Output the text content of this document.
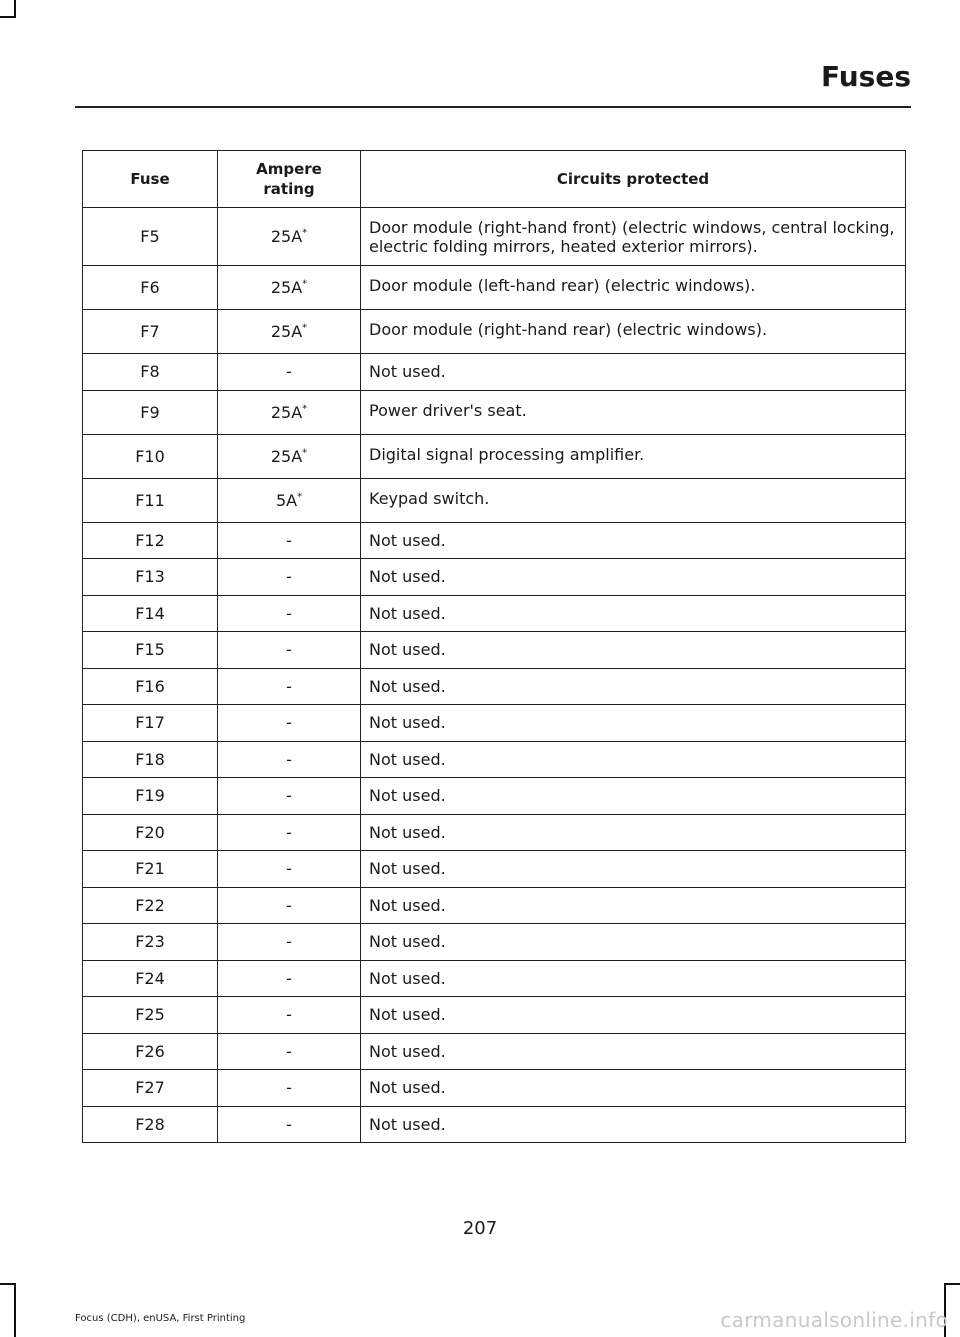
Fuses
Fuse	Ampere rating	Circuits protected
F5	25A*	Door module (right-hand front) (electric windows, central locking, electric folding mirrors, heated exterior mirrors).
F6	25A*	Door module (left-hand rear) (electric windows).
F7	25A*	Door module (right-hand rear) (electric windows).
F8	-	Not used.
F9	25A*	Power driver's seat.
F10	25A*	Digital signal processing amplifier.
F11	5A*	Keypad switch.
F12	-	Not used.
F13	-	Not used.
F14	-	Not used.
F15	-	Not used.
F16	-	Not used.
F17	-	Not used.
F18	-	Not used.
F19	-	Not used.
F20	-	Not used.
F21	-	Not used.
F22	-	Not used.
F23	-	Not used.
F24	-	Not used.
F25	-	Not used.
F26	-	Not used.
F27	-	Not used.
F28	-	Not used.
207
Focus (CDH), enUSA, First Printing	carmanualsonline.info
